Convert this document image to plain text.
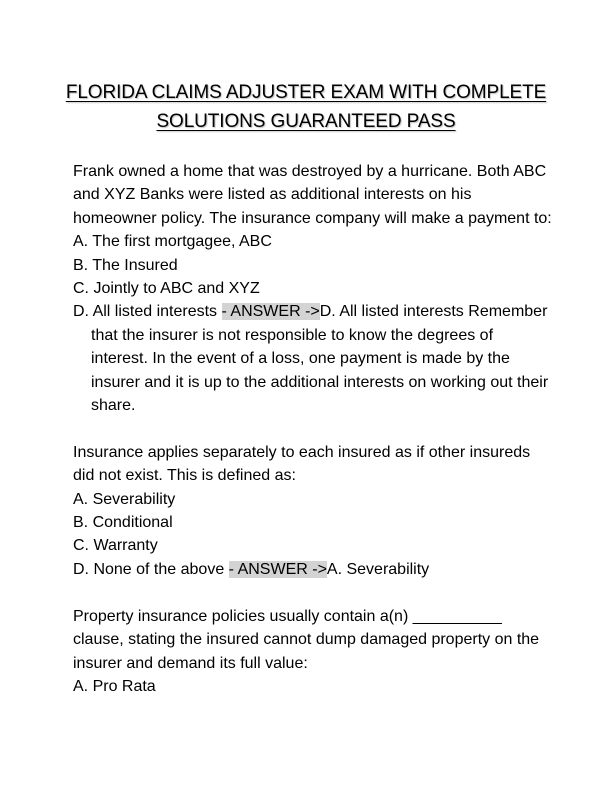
FLORIDA CLAIMS ADJUSTER EXAM WITH COMPLETE SOLUTIONS GUARANTEED PASS

Frank owned a home that was destroyed by a hurricane. Both ABC and XYZ Banks were listed as additional interests on his homeowner policy. The insurance company will make a payment to:

A. The first mortgagee, ABC

B. The Insured

C. Jointly to ABC and XYZ

D. All listed interests - ANSWER ->D. All listed interests Remember that the insurer is not responsible to know the degrees of interest. In the event of a loss, one payment is made by the insurer and it is up to the additional interests on working out their share.

Insurance applies separately to each insured as if other insureds did not exist. This is defined as:

A. Severability

B. Conditional

C. Warranty

D. None of the above - ANSWER ->A. Severability

Property insurance policies usually contain a(n) __________ clause, stating the insured cannot dump damaged property on the insurer and demand its full value:

A. Pro Rata
